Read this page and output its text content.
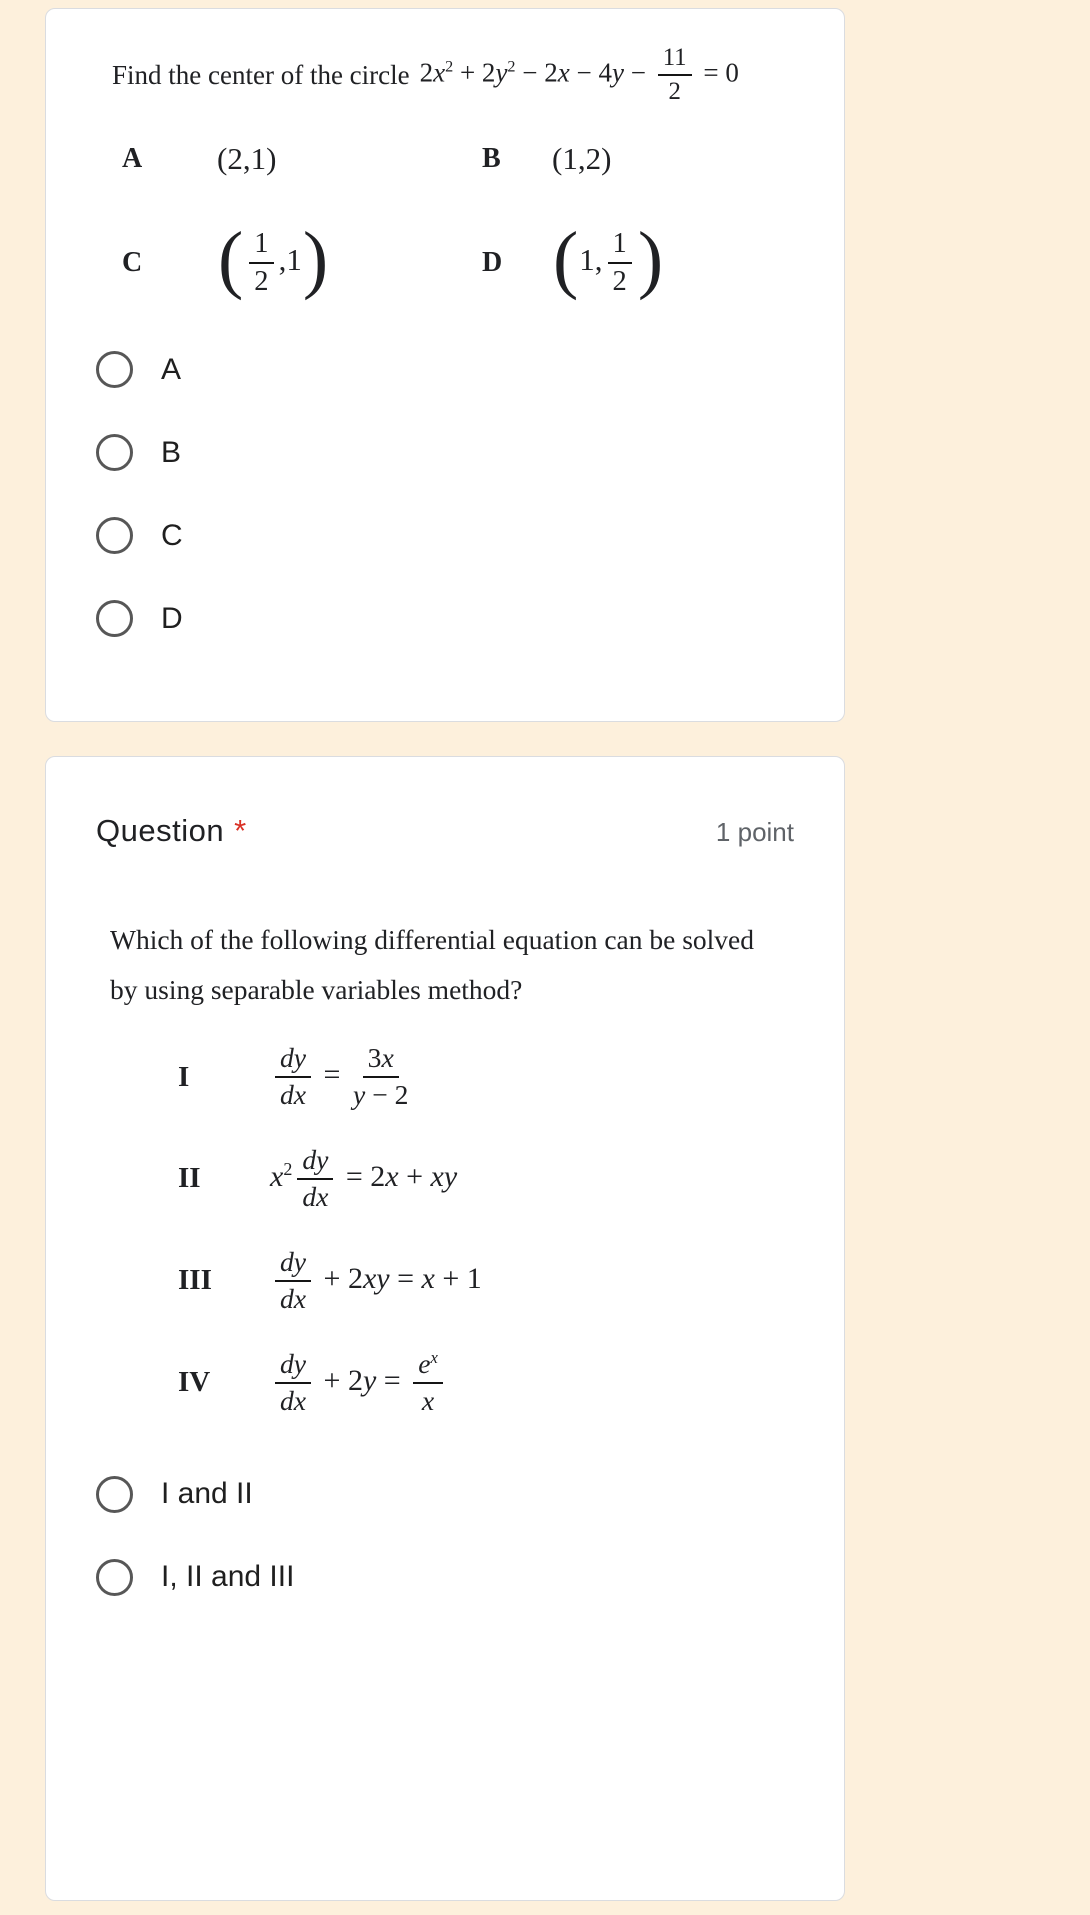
Find the center of the circle $2x^2 + 2y^2 - 2x - 4y - \frac{11}{2} = 0$
A	(2,1)	B	(1,2)
C ( $\frac{1}{2} ,1$)	D (1, $\frac{1}{2}$ )
A
B
C
D
Question *	1 point
Which of the following differential equation can be solved
by using separable variables method?
I	$\frac{dy}{dx} = \frac{3x}{y - 2}$
II	$x^2 \frac{dy}{dx} = 2x$ + xy
III	$\frac{dy}{dx} + 2xy = x + 1$
IV	$\frac{dy}{dx} + 2y = \frac{e^x}{x}$
I and II
I, II and III
